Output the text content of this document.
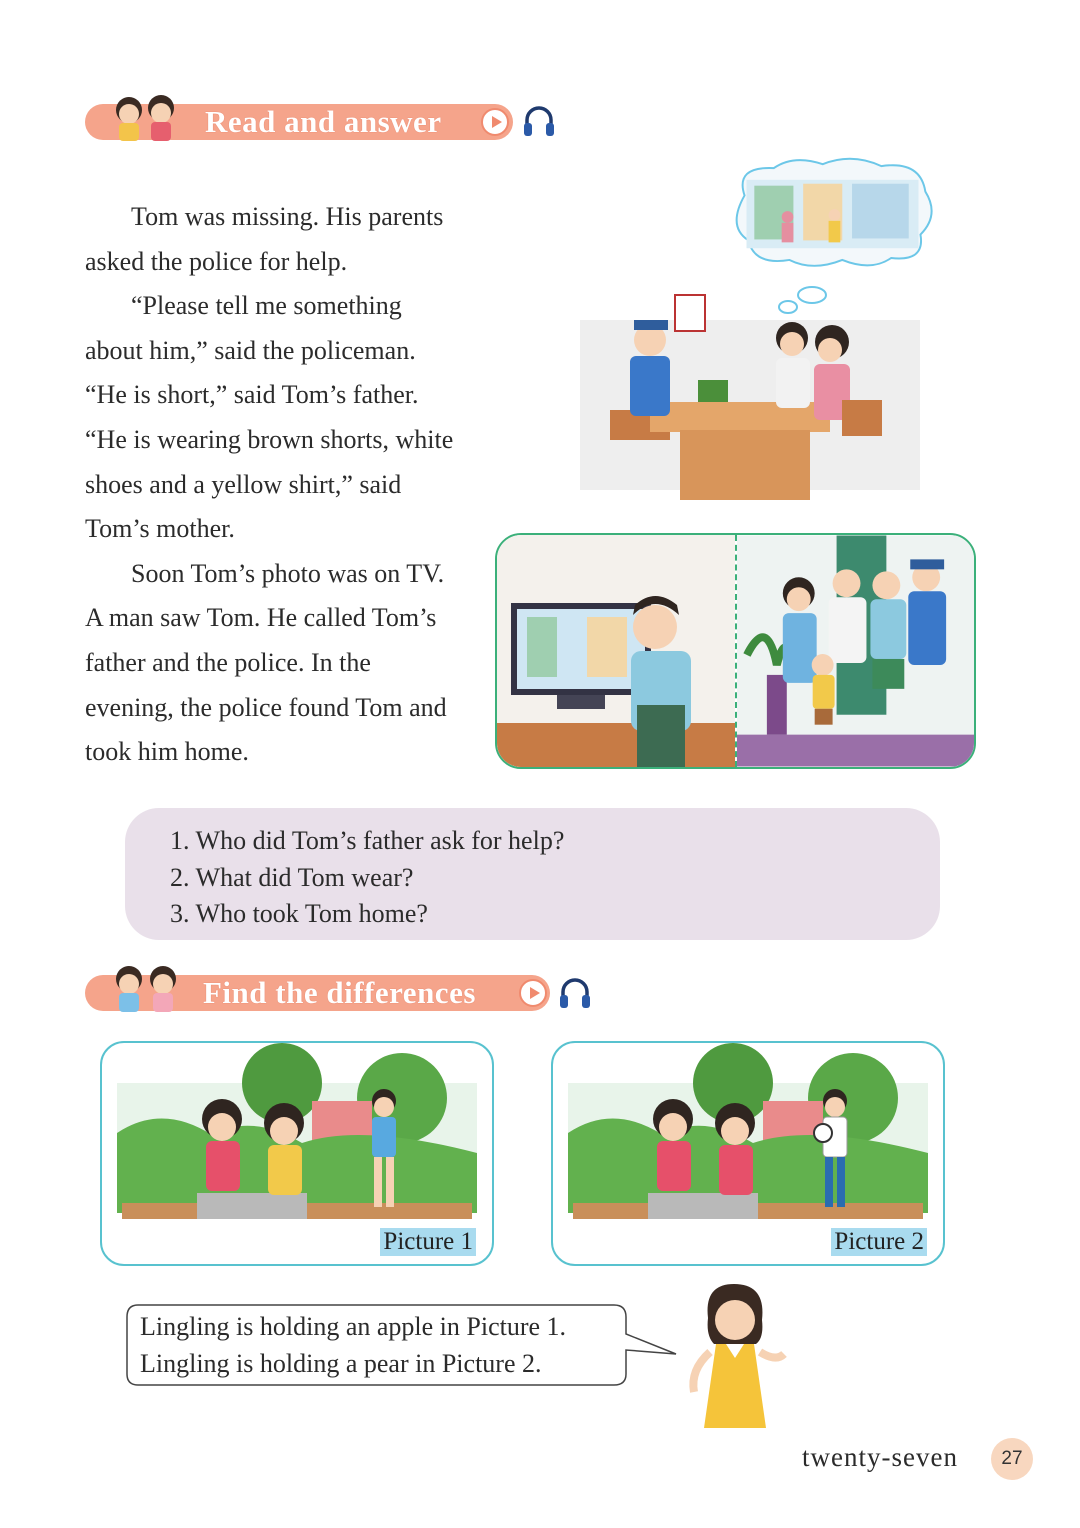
Read and answer

Tom was missing. His parents asked the police for help.

“Please tell me something about him,” said the policeman.

“He is short,” said Tom’s father.

“He is wearing brown shorts, white shoes and a yellow shirt,” said Tom’s mother.

Soon Tom’s photo was on TV. A man saw Tom. He called Tom’s father and the police. In the evening, the police found Tom and took him home.

1. Who did Tom’s father ask for help?
2. What did Tom wear?
3. Who took Tom home?
Find the differences
Picture 1	Picture 2
Lingling is holding an apple in Picture 1.
Lingling is holding a pear in Picture 2.
twenty-seven	27
